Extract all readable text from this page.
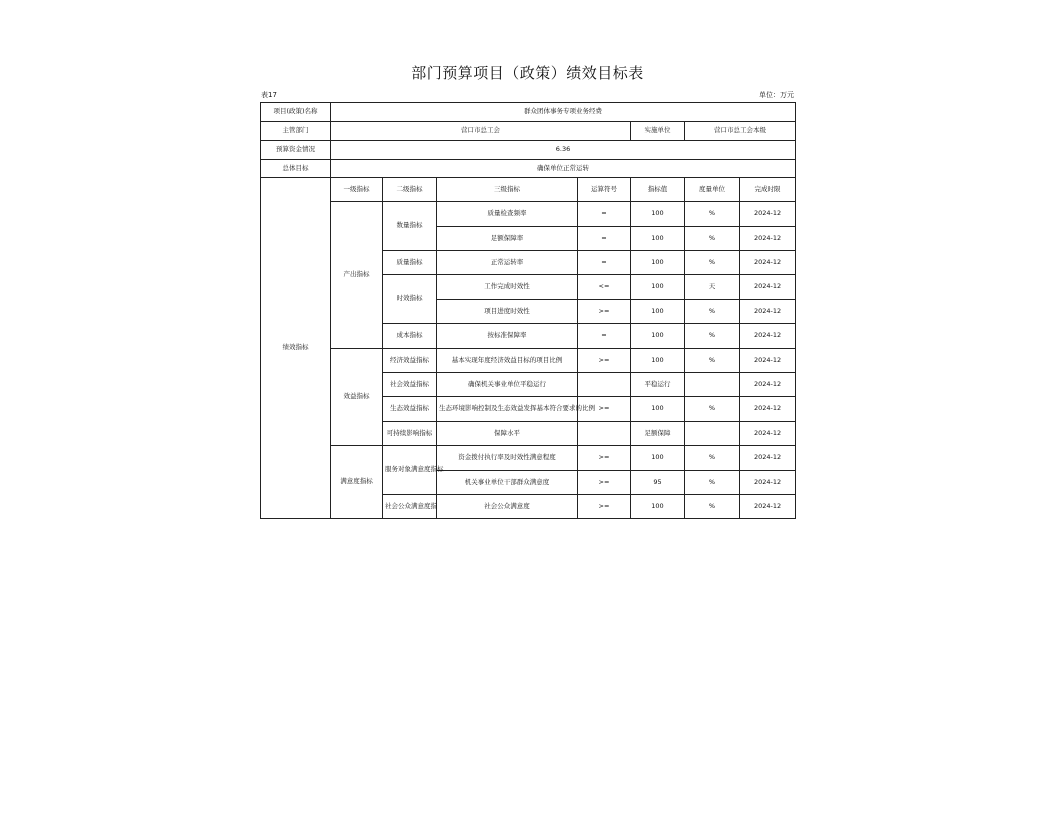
部门预算项目（政策）绩效目标表
表17	单位：万元
项目(政策)名称	群众团体事务专项业务经费						
主管部门	营口市总工会				实施单位	营口市总工会本级	
预算资金情况	6.36						
总体目标	确保单位正常运转						
绩效指标	一级指标	二级指标	三级指标	运算符号	指标值	度量单位	完成时限
	产出指标	数量指标	质量检查频率	=	100	%	2024-12
			足额保障率	=	100	%	2024-12
		质量指标	正常运转率	=	100	%	2024-12
		时效指标	工作完成时效性	<=	100	天	2024-12
			项目进度时效性	>=	100	%	2024-12
		成本指标	按标准保障率	=	100	%	2024-12
	效益指标	经济效益指标	基本实现年度经济效益目标的项目比例	>=	100	%	2024-12
		社会效益指标	确保机关事业单位平稳运行		平稳运行		2024-12
		生态效益指标	生态环境影响控制及生态效益发挥基本符合要求的比例	>=	100	%	2024-12
		可持续影响指标	保障水平		足额保障		2024-12
	满意度指标	服务对象满意度指标	资金拨付执行率及时效性满意程度	>=	100	%	2024-12
			机关事业单位干部群众满意度	>=	95	%	2024-12
		社会公众满意度指	社会公众满意度	>=	100	%	2024-12
